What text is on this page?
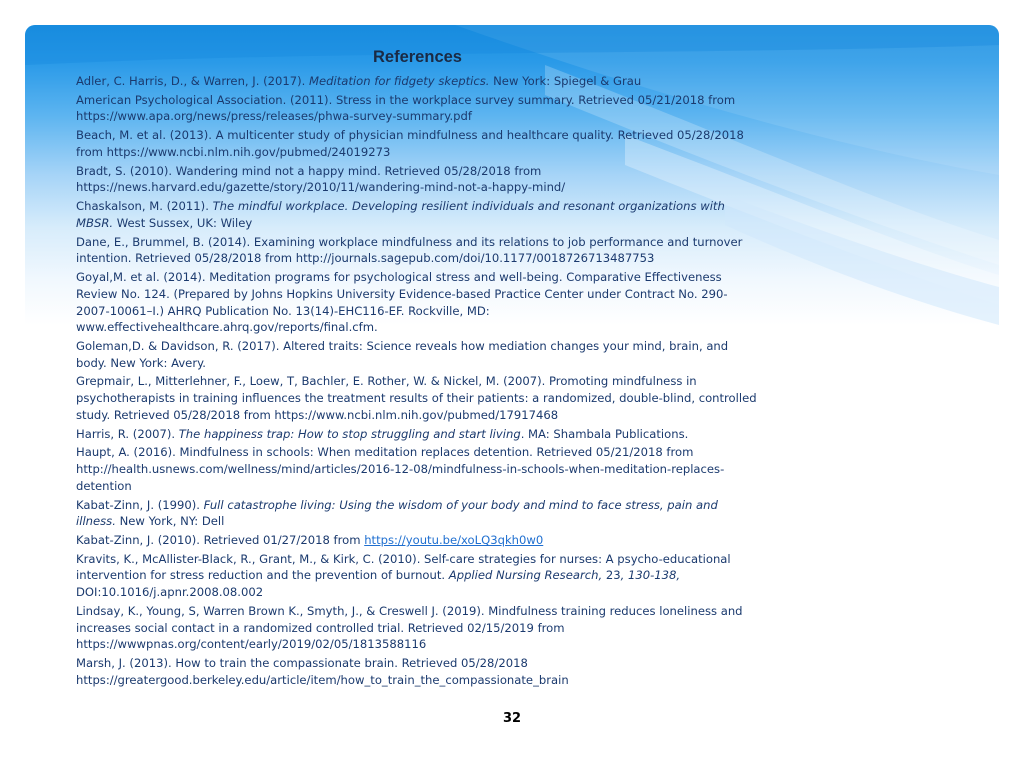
References

Adler, C. Harris, D., & Warren, J. (2017). Meditation for fidgety skeptics. New York: Spiegel & Grau

American Psychological Association. (2011). Stress in the workplace survey summary. Retrieved 05/21/2018 from https://www.apa.org/news/press/releases/phwa-survey-summary.pdf

Beach, M. et al. (2013). A multicenter study of physician mindfulness and healthcare quality. Retrieved 05/28/2018 from https://www.ncbi.nlm.nih.gov/pubmed/24019273

Bradt, S. (2010). Wandering mind not a happy mind. Retrieved 05/28/2018 from https://news.harvard.edu/gazette/story/2010/11/wandering-mind-not-a-happy-mind/

Chaskalson, M. (2011). The mindful workplace. Developing resilient individuals and resonant organizations with MBSR. West Sussex, UK: Wiley

Dane, E., Brummel, B. (2014). Examining workplace mindfulness and its relations to job performance and turnover intention. Retrieved 05/28/2018 from http://journals.sagepub.com/doi/10.1177/0018726713487753

Goyal,M. et al. (2014). Meditation programs for psychological stress and well-being. Comparative Effectiveness Review No. 124. (Prepared by Johns Hopkins University Evidence-based Practice Center under Contract No. 290-2007-10061–I.) AHRQ Publication No. 13(14)-EHC116-EF. Rockville, MD: www.effectivehealthcare.ahrq.gov/reports/final.cfm.

Goleman,D. & Davidson, R. (2017). Altered traits: Science reveals how mediation changes your mind, brain, and body. New York: Avery.

Grepmair, L., Mitterlehner, F., Loew, T, Bachler, E. Rother, W. & Nickel, M. (2007). Promoting mindfulness in psychotherapists in training influences the treatment results of their patients: a randomized, double-blind, controlled study. Retrieved 05/28/2018 from https://www.ncbi.nlm.nih.gov/pubmed/17917468

Harris, R. (2007). The happiness trap: How to stop struggling and start living. MA: Shambala Publications.

Haupt, A. (2016). Mindfulness in schools: When meditation replaces detention. Retrieved 05/21/2018 from http://health.usnews.com/wellness/mind/articles/2016-12-08/mindfulness-in-schools-when-meditation-replaces-detention

Kabat-Zinn, J. (1990). Full catastrophe living: Using the wisdom of your body and mind to face stress, pain and illness. New York, NY: Dell

Kabat-Zinn, J. (2010). Retrieved 01/27/2018 from https://youtu.be/xoLQ3qkh0w0

Kravits, K., McAllister-Black, R., Grant, M., & Kirk, C. (2010). Self-care strategies for nurses: A psycho-educational intervention for stress reduction and the prevention of burnout. Applied Nursing Research, 23, 130-138, DOI:10.1016/j.apnr.2008.08.002

Lindsay, K., Young, S, Warren Brown K., Smyth, J., & Creswell J. (2019). Mindfulness training reduces loneliness and increases social contact in a randomized controlled trial. Retrieved 02/15/2019 from https://wwwpnas.org/content/early/2019/02/05/1813588116

Marsh, J. (2013). How to train the compassionate brain. Retrieved 05/28/2018 https://greatergood.berkeley.edu/article/item/how_to_train_the_compassionate_brain

32
